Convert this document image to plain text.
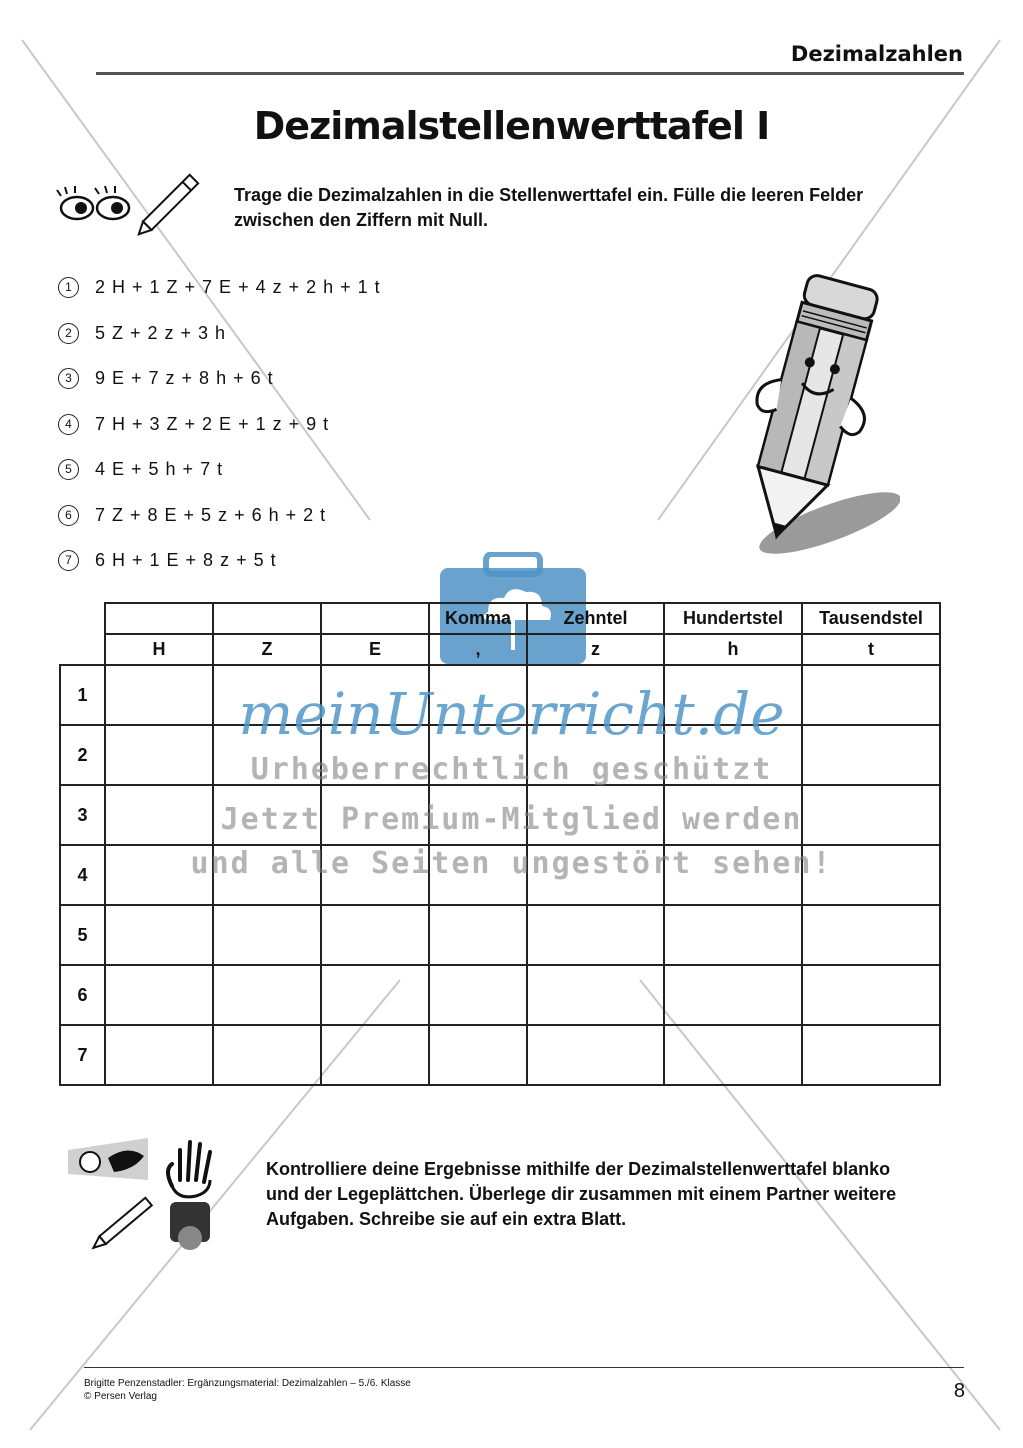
Dezimalzahlen
Dezimalstellenwerttafel I
Trage die Dezimalzahlen in die Stellenwerttafel ein. Fülle die leeren Felder zwischen den Ziffern mit Null.
1	2 H + 1 Z + 7 E + 4 z + 2 h + 1 t
2	5 Z + 2 z + 3 h
3	9 E + 7 z + 8 h + 6 t
4	7 H + 3 Z + 2 E + 1 z + 9 t
5	4 E + 5 h + 7 t
6	7 Z + 8 E + 5 z + 6 h + 2 t
7	6 H + 1 E + 8 z + 5 t
				Komma	Zehntel	Hundertstel	Tausendstel
	H	Z	E	,	z	h	t
1							
2							
3							
4							
5							
6							
7							
meinUnterricht.de
Urheberrechtlich geschützt
Jetzt Premium-Mitglied werden
und alle Seiten ungestört sehen!
Kontrolliere deine Ergebnisse mithilfe der Dezimalstellenwerttafel blanko und der Legeplättchen. Überlege dir zusammen mit einem Partner weitere Aufgaben. Schreibe sie auf ein extra Blatt.
Brigitte Penzenstadler: Ergänzungsmaterial: Dezimalzahlen – 5./6. Klasse
© Persen Verlag	8
